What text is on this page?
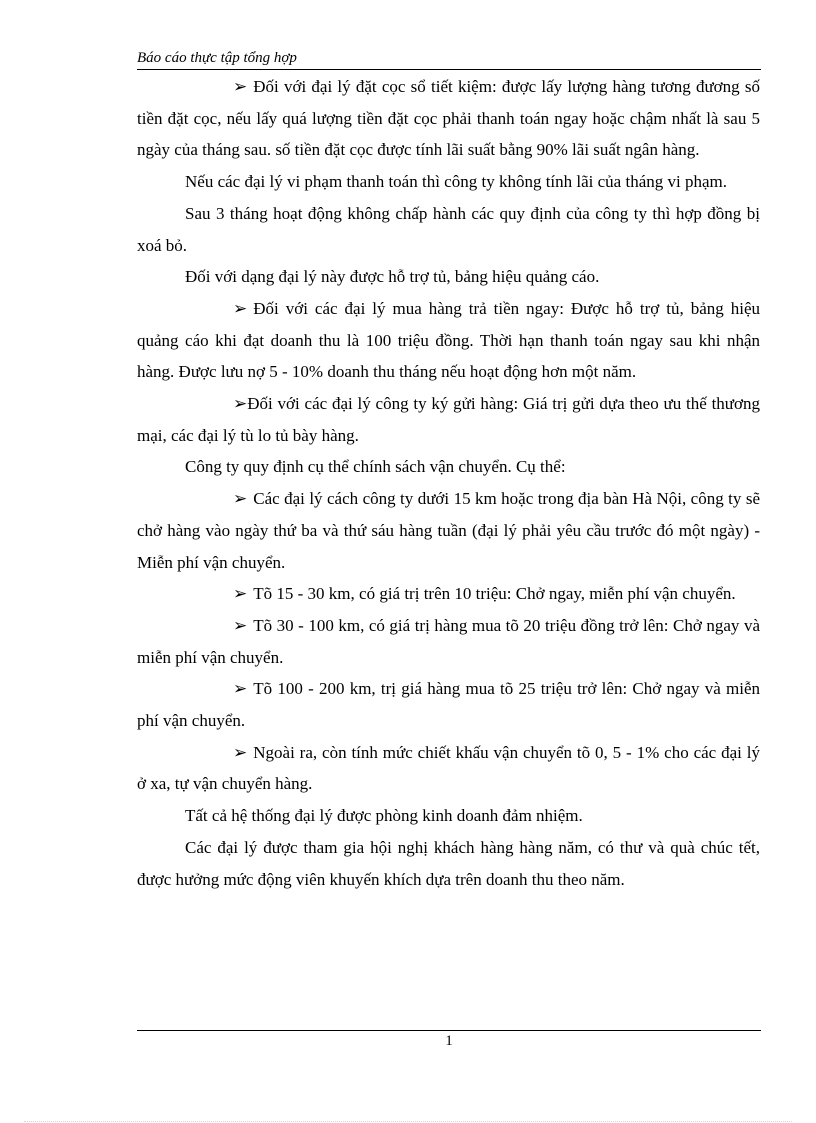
Báo cáo thực tập tổng hợp

➢ Đối với đại lý đặt cọc sổ tiết kiệm: được lấy lượng hàng tương đương số tiền đặt cọc, nếu lấy quá lượng tiền đặt cọc phải thanh toán ngay hoặc chậm nhất là sau 5 ngày của tháng sau. số tiền đặt cọc được tính lãi suất bằng 90% lãi suất ngân hàng.

Nếu các đại lý vi phạm thanh toán thì công ty không tính lãi của tháng vi phạm.

Sau 3 tháng hoạt động không chấp hành các quy định của công ty thì hợp đồng bị xoá bỏ.

Đối với dạng đại lý này được hỗ trợ tủ, bảng hiệu quảng cáo.

➢ Đối với các đại lý mua hàng trả tiền ngay: Được hỗ trợ tủ, bảng hiệu quảng cáo khi đạt doanh thu là 100 triệu đồng. Thời hạn thanh toán ngay sau khi nhận hàng. Được lưu nợ 5 - 10% doanh thu tháng nếu hoạt động hơn một năm.

➢Đối với các đại lý công ty ký gửi hàng: Giá trị gửi dựa theo ưu thế thương mại, các đại lý tù lo tủ bày hàng.

Công ty quy định cụ thể chính sách vận chuyển. Cụ thể:

➢ Các đại lý cách công ty dưới 15 km hoặc trong địa bàn Hà Nội, công ty sẽ chở hàng vào ngày thứ ba và thứ sáu hàng tuần (đại lý phải yêu cầu trước đó một ngày) - Miễn phí vận chuyển.

➢ Tõ 15 - 30 km, có giá trị trên 10 triệu: Chở ngay, miễn phí vận chuyển.

➢ Tõ 30 - 100 km, có giá trị hàng mua tõ 20 triệu đồng trở lên: Chở ngay và miễn phí vận chuyển.

➢ Tõ 100 - 200 km, trị giá hàng mua tõ 25 triệu trở lên: Chở ngay và miễn phí vận chuyển.

➢ Ngoài ra, còn tính mức chiết khấu vận chuyển tõ 0, 5 - 1% cho các đại lý ở xa, tự vận chuyển hàng.

Tất cả hệ thống đại lý được phòng kinh doanh đảm nhiệm.

Các đại lý được tham gia hội nghị khách hàng hàng năm, có thư và quà chúc tết, được hưởng mức động viên khuyến khích dựa trên doanh thu theo năm.

1
